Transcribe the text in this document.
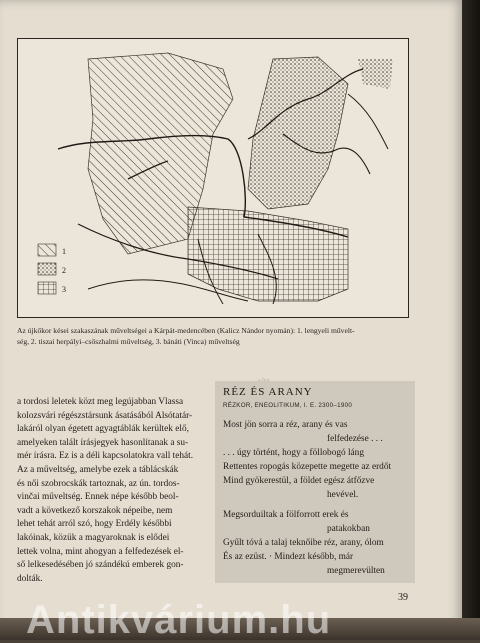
1
2
3
Az újkőkor kései szakaszának műveltségei a Kárpát-medencében (Kalicz Nándor nyomán): 1. lengyeli művelt-
ség, 2. tiszai herpályi–csőszhalmi műveltség, 3. bánáti (Vinca) műveltség

a tordosi leletek közt meg legújabban Vlassa

kolozsvári régészstársunk ásatásából Alsótatár-

lakáról olyan égetett agyagtáblák kerültek elő,

amelyeken talált írásjegyek hasonlítanak a su-

mér írásra. Ez is a déli kapcsolatokra vall tehát.

Az a műveltség, amelybe ezek a táblácskák

és női szobrocskák tartoznak, az ún. tordos-

vinčai műveltség. Ennek népe később beol-

vadt a következő korszakok népeibe, nem

lehet tehát arról szó, hogy Erdély későbbi

lakóinak, közük a magyaroknak is elődei

lettek volna, mint ahogyan a felfedezések el-

ső lelkesedésében jó szándékú emberek gon-

dolták.

RÉZ ÉS ARANY
RÉZKOR, ENEOLITIKUM, I. E. 2300–1900
Most jön sorra a réz, arany és vas
felfedezése . . .
. . . úgy történt, hogy a föllobogó láng
Rettentes ropogás közepette megette az erdőt
Mind gyökerestül, a földet egész átfőzve
hevével.
Megsorduiltak a fölforrott erek és
patakokban
Gyűlt tóvá a talaj teknőibe réz, arany, ólom
És az ezüst. · Mindezt később, már
megmerevülten
39
Antikvárium.hu
